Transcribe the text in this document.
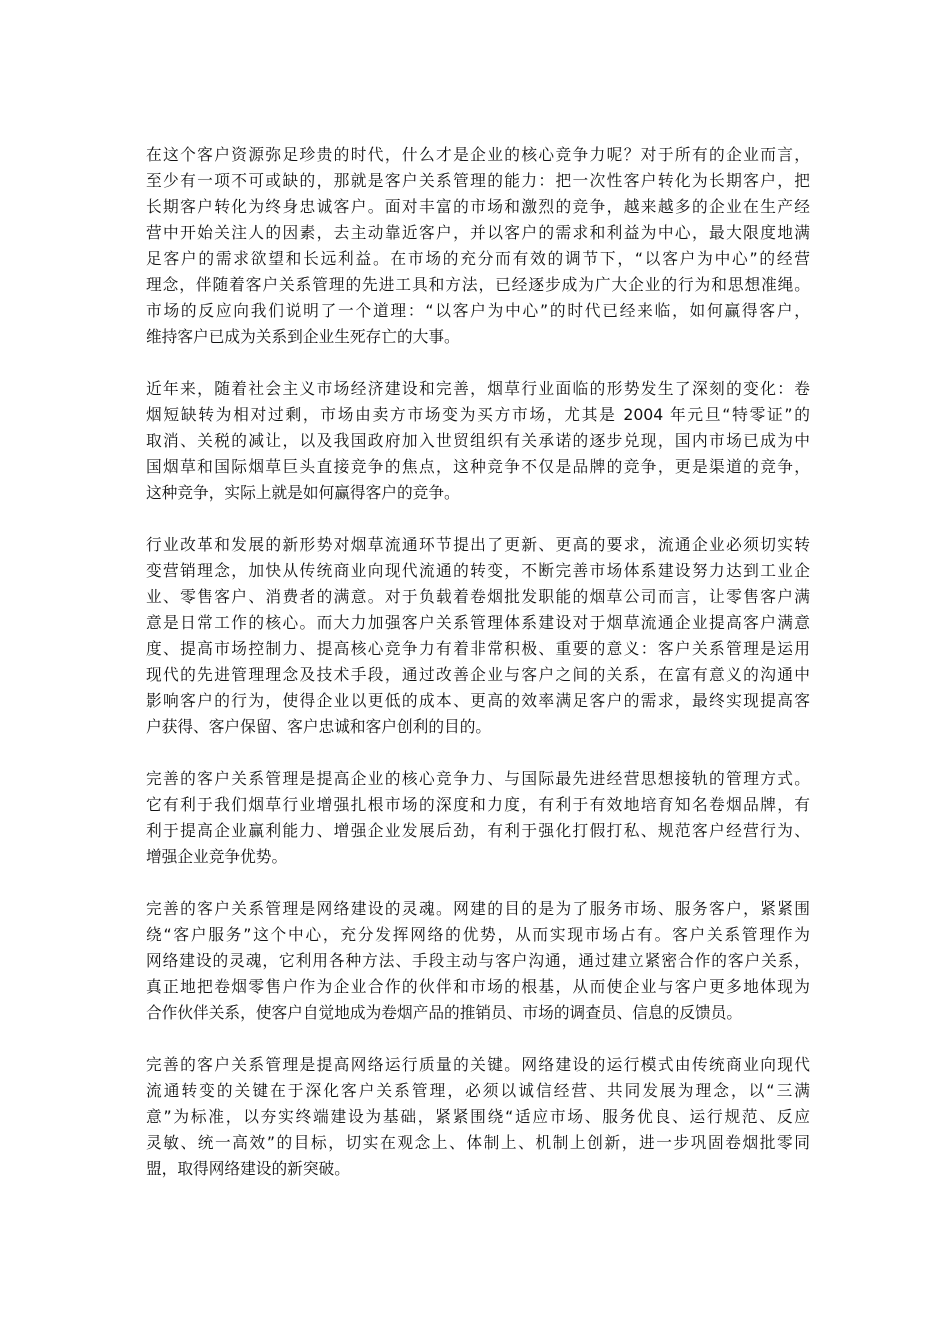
在这个客户资源弥足珍贵的时代，什么才是企业的核心竞争力呢？对于所有的企业而言，
至少有一项不可或缺的，那就是客户关系管理的能力：把一次性客户转化为长期客户，把
长期客户转化为终身忠诚客户。面对丰富的市场和激烈的竞争，越来越多的企业在生产经
营中开始关注人的因素，去主动靠近客户，并以客户的需求和利益为中心，最大限度地满
足客户的需求欲望和长远利益。在市场的充分而有效的调节下，“以客户为中心”的经营
理念，伴随着客户关系管理的先进工具和方法，已经逐步成为广大企业的行为和思想准绳。
市场的反应向我们说明了一个道理：“以客户为中心”的时代已经来临，如何赢得客户，
维持客户已成为关系到企业生死存亡的大事。

近年来，随着社会主义市场经济建设和完善，烟草行业面临的形势发生了深刻的变化：卷
烟短缺转为相对过剩，市场由卖方市场变为买方市场，尤其是 2004 年元旦“特零证”的
取消、关税的减让，以及我国政府加入世贸组织有关承诺的逐步兑现，国内市场已成为中
国烟草和国际烟草巨头直接竞争的焦点，这种竞争不仅是品牌的竞争，更是渠道的竞争，
这种竞争，实际上就是如何赢得客户的竞争。

行业改革和发展的新形势对烟草流通环节提出了更新、更高的要求，流通企业必须切实转
变营销理念，加快从传统商业向现代流通的转变，不断完善市场体系建设努力达到工业企
业、零售客户、消费者的满意。对于负载着卷烟批发职能的烟草公司而言，让零售客户满
意是日常工作的核心。而大力加强客户关系管理体系建设对于烟草流通企业提高客户满意
度、提高市场控制力、提高核心竞争力有着非常积极、重要的意义：客户关系管理是运用
现代的先进管理理念及技术手段，通过改善企业与客户之间的关系，在富有意义的沟通中
影响客户的行为，使得企业以更低的成本、更高的效率满足客户的需求，最终实现提高客
户获得、客户保留、客户忠诚和客户创利的目的。

完善的客户关系管理是提高企业的核心竞争力、与国际最先进经营思想接轨的管理方式。
它有利于我们烟草行业增强扎根市场的深度和力度，有利于有效地培育知名卷烟品牌，有
利于提高企业赢利能力、增强企业发展后劲，有利于强化打假打私、规范客户经营行为、
增强企业竞争优势。

完善的客户关系管理是网络建设的灵魂。网建的目的是为了服务市场、服务客户，紧紧围
绕“客户服务”这个中心，充分发挥网络的优势，从而实现市场占有。客户关系管理作为
网络建设的灵魂，它利用各种方法、手段主动与客户沟通，通过建立紧密合作的客户关系，
真正地把卷烟零售户作为企业合作的伙伴和市场的根基，从而使企业与客户更多地体现为
合作伙伴关系，使客户自觉地成为卷烟产品的推销员、市场的调查员、信息的反馈员。

完善的客户关系管理是提高网络运行质量的关键。网络建设的运行模式由传统商业向现代
流通转变的关键在于深化客户关系管理，必须以诚信经营、共同发展为理念，以“三满
意”为标准，以夯实终端建设为基础，紧紧围绕“适应市场、服务优良、运行规范、反应
灵敏、统一高效”的目标，切实在观念上、体制上、机制上创新，进一步巩固卷烟批零同
盟，取得网络建设的新突破。
